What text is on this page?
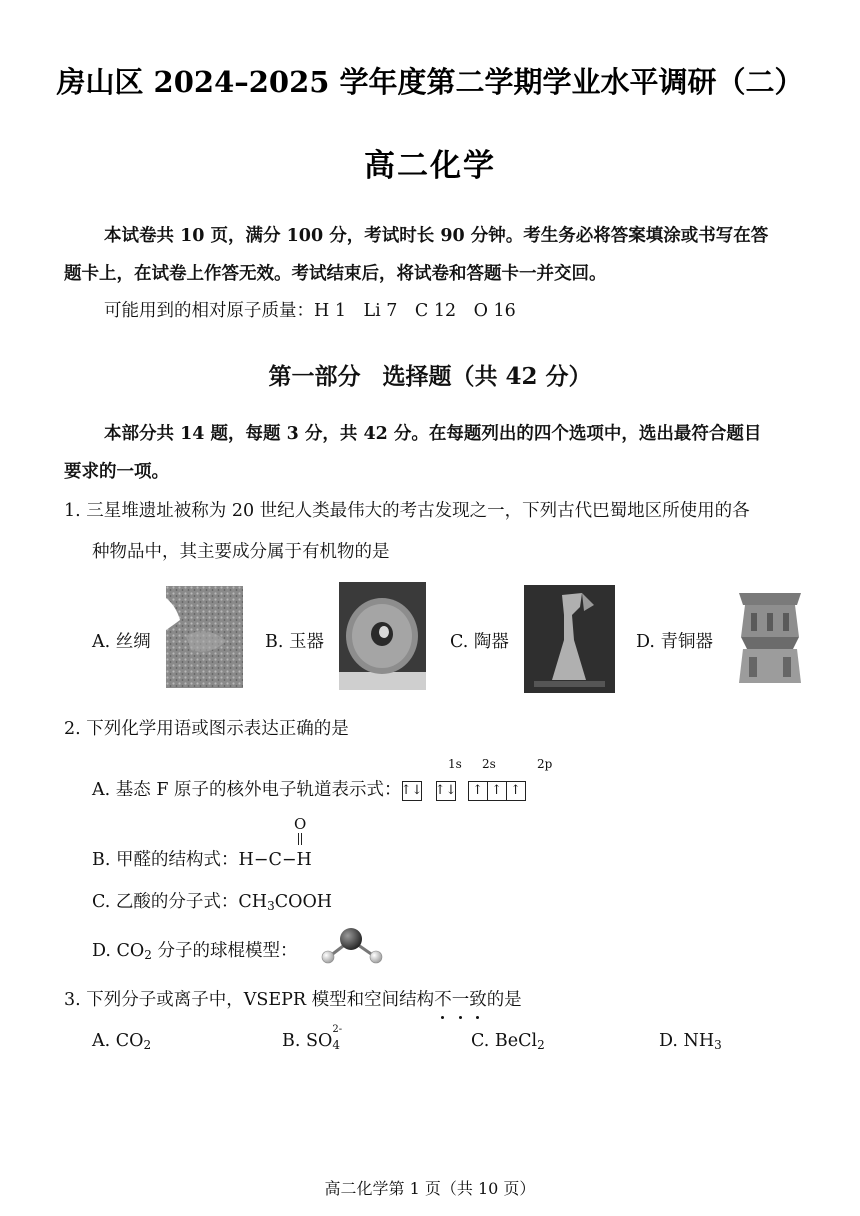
房山区 2024–2025 学年度第二学期学业水平调研（二）
高二化学
本试卷共 10 页，满分 100 分，考试时长 90 分钟。考生务必将答案填涂或书写在答
题卡上，在试卷上作答无效。考试结束后，将试卷和答题卡一并交回。
可能用到的相对原子质量：H 1　Li 7　C 12　O 16
第一部分 选择题（共 42 分）
本部分共 14 题，每题 3 分，共 42 分。在每题列出的四个选项中，选出最符合题目
要求的一项。
1. 三星堆遗址被称为 20 世纪人类最伟大的考古发现之一，下列古代巴蜀地区所使用的各
种物品中，其主要成分属于有机物的是
A. 丝绸	B. 玉器	C. 陶器	D. 青铜器
2. 下列化学用语或图示表达正确的是
1s 2s	2p
A. 基态 F 原子的核外电子轨道表示式： ↑↓ ↑↓ ↑ ↑ ↑
O
B. 甲醛的结构式：H−C−H
C. 乙酸的分子式：$CH_3COOH$
D. $CO_2$ 分子的球棍模型：
3. 下列分子或离子中，VSEPR 模型和空间结构不一致的是
A. $CO_2$	B. SO
2-
4	C. BeCl$_2$	D. $NH_3$
高二化学第 1 页（共 10 页）
